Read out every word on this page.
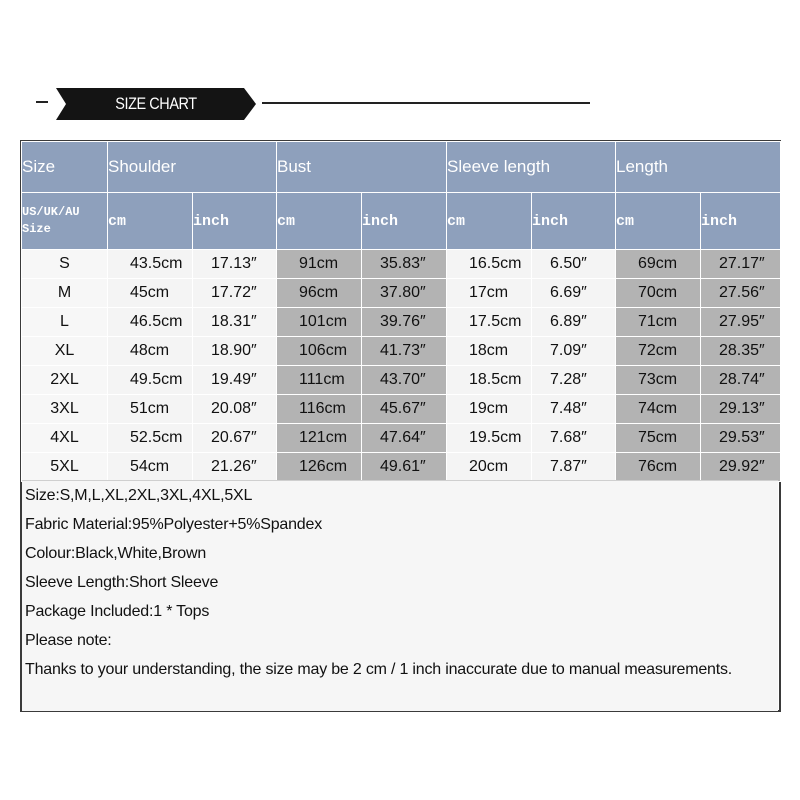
SIZE CHART
Size	Shoulder		Bust		Sleeve length		Length	
US/UK/AU
Size	cm	inch	cm	inch	cm	inch	cm	inch
S	43.5cm	17.13″	91cm	35.83″	16.5cm	6.50″	69cm	27.17″
M	45cm	17.72″	96cm	37.80″	17cm	6.69″	70cm	27.56″
L	46.5cm	18.31″	101cm	39.76″	17.5cm	6.89″	71cm	27.95″
XL	48cm	18.90″	106cm	41.73″	18cm	7.09″	72cm	28.35″
2XL	49.5cm	19.49″	111cm	43.70″	18.5cm	7.28″	73cm	28.74″
3XL	51cm	20.08″	116cm	45.67″	19cm	7.48″	74cm	29.13″
4XL	52.5cm	20.67″	121cm	47.64″	19.5cm	7.68″	75cm	29.53″
5XL	54cm	21.26″	126cm	49.61″	20cm	7.87″	76cm	29.92″
Size:S,M,L,XL,2XL,3XL,4XL,5XL
Fabric Material:95%Polyester+5%Spandex
Colour:Black,White,Brown
Sleeve Length:Short Sleeve
Package Included:1 * Tops
Please note:
Thanks to your understanding, the size may be 2 cm / 1 inch inaccurate due to manual measurements.
